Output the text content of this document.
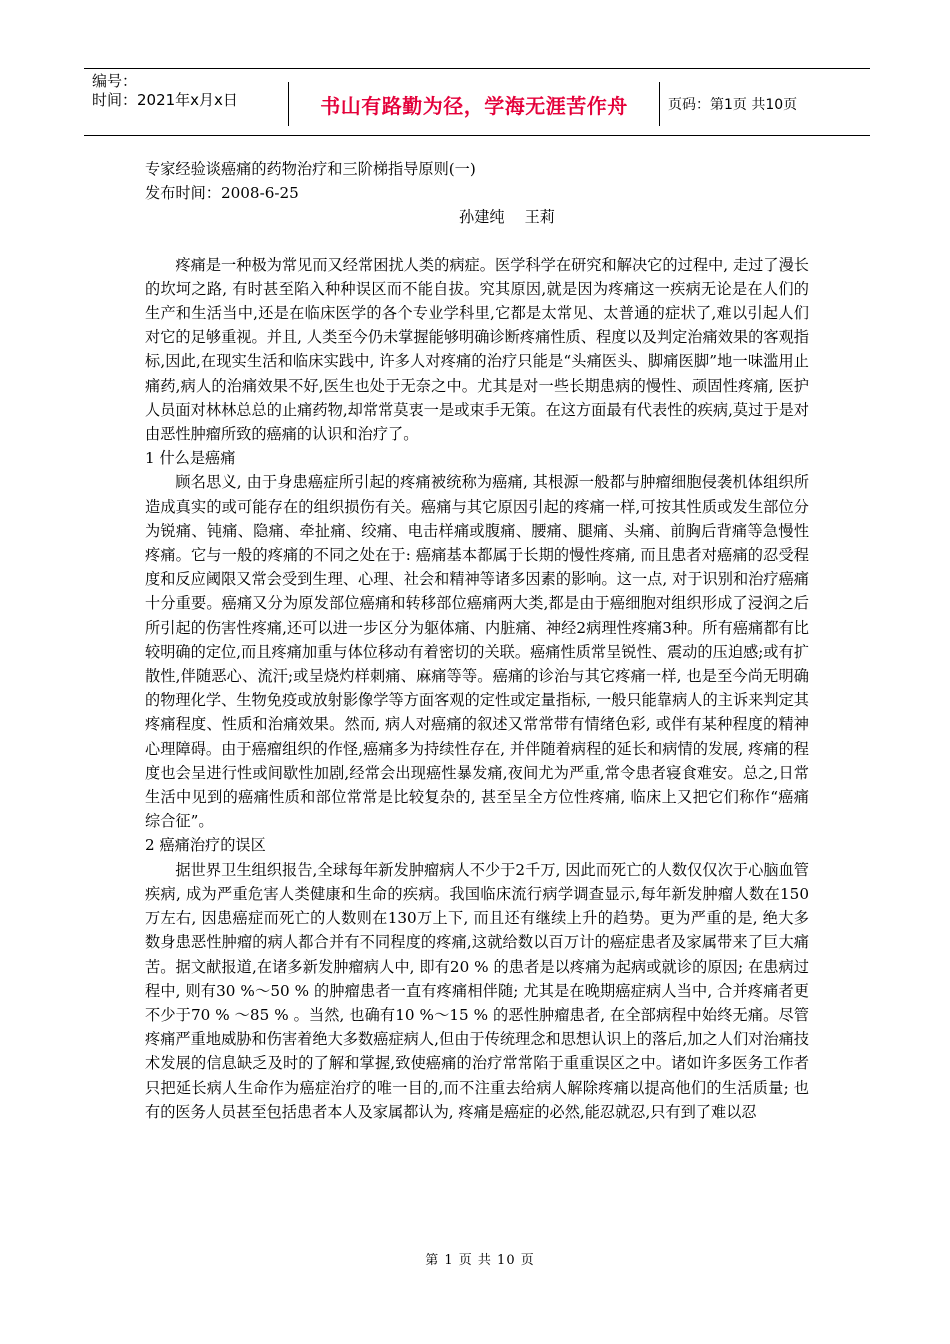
编号：
时间：2021年x月x日	书山有路勤为径，学海无涯苦作舟	页码：第1页 共10页

专家经验谈癌痛的药物治疗和三阶梯指导原则(一)

发布时间：2008-6-25

孙建纯　 王莉

疼痛是一种极为常见而又经常困扰人类的病症。医学科学在研究和解决它的过程中, 走过了漫长的坎坷之路, 有时甚至陷入种种误区而不能自拔。究其原因,就是因为疼痛这一疾病无论是在人们的生产和生活当中,还是在临床医学的各个专业学科里,它都是太常见、太普通的症状了,难以引起人们对它的足够重视。并且, 人类至今仍未掌握能够明确诊断疼痛性质、程度以及判定治痛效果的客观指标,因此,在现实生活和临床实践中, 许多人对疼痛的治疗只能是“头痛医头、脚痛医脚”地一味滥用止痛药,病人的治痛效果不好,医生也处于无奈之中。尤其是对一些长期患病的慢性、顽固性疼痛, 医护人员面对林林总总的止痛药物,却常常莫衷一是或束手无策。在这方面最有代表性的疾病,莫过于是对由恶性肿瘤所致的癌痛的认识和治疗了。

1 什么是癌痛

顾名思义, 由于身患癌症所引起的疼痛被统称为癌痛, 其根源一般都与肿瘤细胞侵袭机体组织所造成真实的或可能存在的组织损伤有关。癌痛与其它原因引起的疼痛一样,可按其性质或发生部位分为锐痛、钝痛、隐痛、牵扯痛、绞痛、电击样痛或腹痛、腰痛、腿痛、头痛、前胸后背痛等急慢性疼痛。它与一般的疼痛的不同之处在于: 癌痛基本都属于长期的慢性疼痛, 而且患者对癌痛的忍受程度和反应阈限又常会受到生理、心理、社会和精神等诸多因素的影响。这一点, 对于识别和治疗癌痛十分重要。癌痛又分为原发部位癌痛和转移部位癌痛两大类,都是由于癌细胞对组织形成了浸润之后所引起的伤害性疼痛,还可以进一步区分为躯体痛、内脏痛、神经2病理性疼痛3种。所有癌痛都有比较明确的定位,而且疼痛加重与体位移动有着密切的关联。癌痛性质常呈锐性、震动的压迫感;或有扩散性,伴随恶心、流汗;或呈烧灼样刺痛、麻痛等等。癌痛的诊治与其它疼痛一样, 也是至今尚无明确的物理化学、生物免疫或放射影像学等方面客观的定性或定量指标, 一般只能靠病人的主诉来判定其疼痛程度、性质和治痛效果。然而, 病人对癌痛的叙述又常常带有情绪色彩, 或伴有某种程度的精神心理障碍。由于癌瘤组织的作怪,癌痛多为持续性存在, 并伴随着病程的延长和病情的发展, 疼痛的程度也会呈进行性或间歇性加剧,经常会出现癌性暴发痛,夜间尤为严重,常令患者寝食难安。总之,日常生活中见到的癌痛性质和部位常常是比较复杂的, 甚至呈全方位性疼痛, 临床上又把它们称作“癌痛综合征”。

2 癌痛治疗的误区

据世界卫生组织报告,全球每年新发肿瘤病人不少于2千万, 因此而死亡的人数仅仅次于心脑血管疾病, 成为严重危害人类健康和生命的疾病。我国临床流行病学调查显示,每年新发肿瘤人数在150万左右, 因患癌症而死亡的人数则在130万上下, 而且还有继续上升的趋势。更为严重的是, 绝大多数身患恶性肿瘤的病人都合并有不同程度的疼痛,这就给数以百万计的癌症患者及家属带来了巨大痛苦。据文献报道,在诸多新发肿瘤病人中, 即有20 % 的患者是以疼痛为起病或就诊的原因; 在患病过程中, 则有30 %～50 % 的肿瘤患者一直有疼痛相伴随; 尤其是在晚期癌症病人当中, 合并疼痛者更不少于70 % ～85 % 。当然, 也确有10 %～15 % 的恶性肿瘤患者, 在全部病程中始终无痛。尽管疼痛严重地威胁和伤害着绝大多数癌症病人,但由于传统理念和思想认识上的落后,加之人们对治痛技术发展的信息缺乏及时的了解和掌握,致使癌痛的治疗常常陷于重重误区之中。诸如许多医务工作者只把延长病人生命作为癌症治疗的唯一目的,而不注重去给病人解除疼痛以提高他们的生活质量; 也有的医务人员甚至包括患者本人及家属都认为, 疼痛是癌症的必然,能忍就忍,只有到了难以忍

第 1 页 共 10 页
